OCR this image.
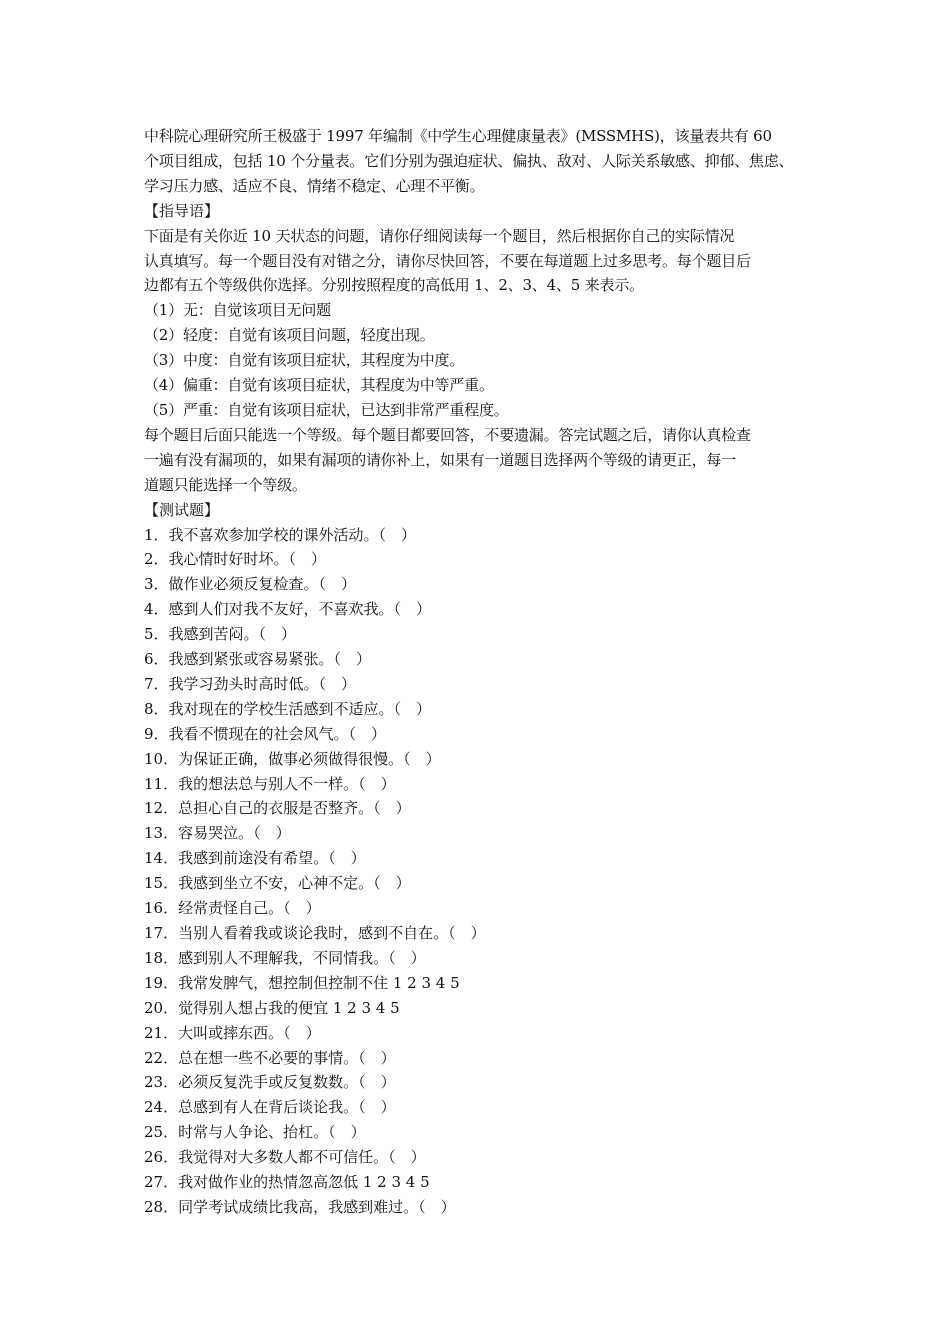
中科院心理研究所王极盛于 1997 年编制《中学生心理健康量表》(MSSMHS)，该量表共有 60
个项目组成，包括 10 个分量表。它们分别为强迫症状、偏执、敌对、人际关系敏感、抑郁、焦虑、
学习压力感、适应不良、情绪不稳定、心理不平衡。
【指导语】
下面是有关你近 10 天状态的问题，请你仔细阅读每一个题目，然后根据你自己的实际情况
认真填写。每一个题目没有对错之分，请你尽快回答，不要在每道题上过多思考。每个题目后
边都有五个等级供你选择。分别按照程度的高低用 1、2、3、4、5 来表示。
（1）无：自觉该项目无问题
（2）轻度：自觉有该项目问题，轻度出现。
（3）中度：自觉有该项目症状，其程度为中度。
（4）偏重：自觉有该项目症状，其程度为中等严重。
（5）严重：自觉有该项目症状，已达到非常严重程度。
每个题目后面只能选一个等级。每个题目都要回答，不要遗漏。答完试题之后，请你认真检查
一遍有没有漏项的，如果有漏项的请你补上，如果有一道题目选择两个等级的请更正，每一
道题只能选择一个等级。
【测试题】
1．我不喜欢参加学校的课外活动。（　）
2．我心情时好时坏。（　）
3．做作业必须反复检查。（　）
4．感到人们对我不友好，不喜欢我。（　）
5．我感到苦闷。（　）
6．我感到紧张或容易紧张。（　）
7．我学习劲头时高时低。（　）
8．我对现在的学校生活感到不适应。（　）
9．我看不惯现在的社会风气。（　）
10．为保证正确，做事必须做得很慢。（　）
11．我的想法总与别人不一样。（　）
12．总担心自己的衣服是否整齐。（　）
13．容易哭泣。（　）
14．我感到前途没有希望。（　）
15．我感到坐立不安，心神不定。（　）
16．经常责怪自己。（　）
17．当别人看着我或谈论我时，感到不自在。（　）
18．感到别人不理解我，不同情我。（　）
19．我常发脾气，想控制但控制不住 1 2 3 4 5
20．觉得别人想占我的便宜 1 2 3 4 5
21．大叫或摔东西。（　）
22．总在想一些不必要的事情。（　）
23．必须反复洗手或反复数数。（　）
24．总感到有人在背后谈论我。（　）
25．时常与人争论、抬杠。（　）
26．我觉得对大多数人都不可信任。（　）
27．我对做作业的热情忽高忽低 1 2 3 4 5
28．同学考试成绩比我高，我感到难过。（　）
